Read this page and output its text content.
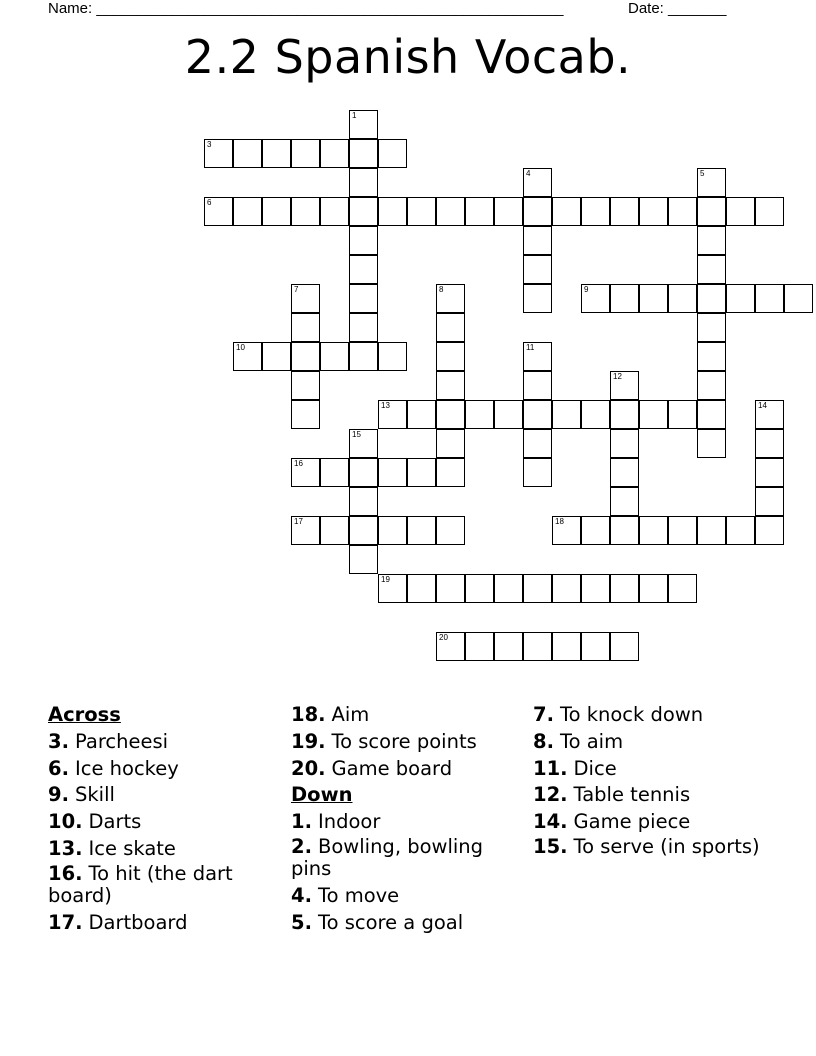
Name: ________________________________________________________	Date: _______
2.2 Spanish Vocab.
1
3
4	5
6
7	8	9
10	11
12
13	14
15
16
17	18
19
20
Across
3. Parcheesi
6. Ice hockey
9. Skill
10. Darts
13. Ice skate
16. To hit (the dart board)
17. Dartboard
18. Aim
19. To score points
20. Game board
Down
1. Indoor
2. Bowling, bowling pins
4. To move
5. To score a goal
7. To knock down
8. To aim
11. Dice
12. Table tennis
14. Game piece
15. To serve (in sports)
